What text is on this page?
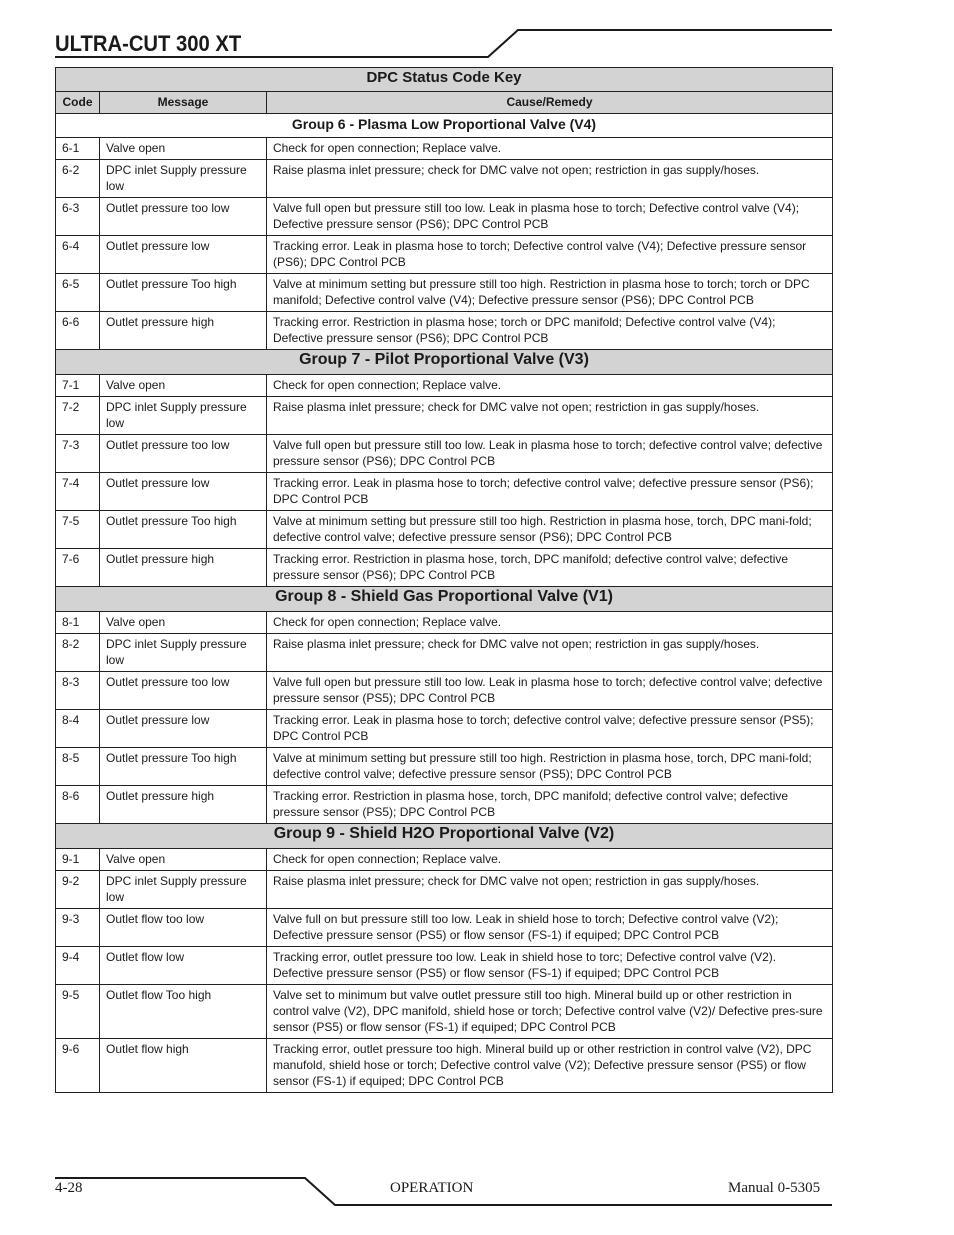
ULTRA-CUT 300 XT
DPC Status Code Key		
Code	Message	Cause/Remedy
Group 6 - Plasma Low Proportional Valve (V4)		
6-1	Valve open	Check for open connection; Replace valve.
6-2	DPC inlet Supply pressure low	Raise plasma inlet pressure; check for DMC valve not open; restriction in gas supply/hoses.
6-3	Outlet pressure too low	Valve full open but pressure still too low. Leak in plasma hose to torch; Defective control valve (V4); Defective pressure sensor (PS6); DPC Control PCB
6-4	Outlet pressure low	Tracking error. Leak in plasma hose to torch; Defective control valve (V4); Defective pressure sensor (PS6); DPC Control PCB
6-5	Outlet pressure Too high	Valve at minimum setting but pressure still too high. Restriction in plasma hose to torch; torch or DPC manifold; Defective control valve (V4); Defective pressure sensor (PS6); DPC Control PCB
6-6	Outlet pressure high	Tracking error. Restriction in plasma hose; torch or DPC manifold; Defective control valve (V4); Defective pressure sensor (PS6); DPC Control PCB
Group 7 - Pilot Proportional Valve (V3)		
7-1	Valve open	Check for open connection; Replace valve.
7-2	DPC inlet Supply pressure low	Raise plasma inlet pressure; check for DMC valve not open; restriction in gas supply/hoses.
7-3	Outlet pressure too low	Valve full open but pressure still too low. Leak in plasma hose to torch; defective control valve; defective pressure sensor (PS6); DPC Control PCB
7-4	Outlet pressure low	Tracking error. Leak in plasma hose to torch; defective control valve; defective pressure sensor (PS6); DPC Control PCB
7-5	Outlet pressure Too high	Valve at minimum setting but pressure still too high. Restriction in plasma hose, torch, DPC mani-fold; defective control valve; defective pressure sensor (PS6); DPC Control PCB
7-6	Outlet pressure high	Tracking error. Restriction in plasma hose, torch, DPC manifold; defective control valve; defective pressure sensor (PS6); DPC Control PCB
Group 8 - Shield Gas Proportional Valve (V1)		
8-1	Valve open	Check for open connection; Replace valve.
8-2	DPC inlet Supply pressure low	Raise plasma inlet pressure; check for DMC valve not open; restriction in gas supply/hoses.
8-3	Outlet pressure too low	Valve full open but pressure still too low. Leak in plasma hose to torch; defective control valve; defective pressure sensor (PS5); DPC Control PCB
8-4	Outlet pressure low	Tracking error. Leak in plasma hose to torch; defective control valve; defective pressure sensor (PS5); DPC Control PCB
8-5	Outlet pressure Too high	Valve at minimum setting but pressure still too high. Restriction in plasma hose, torch, DPC mani-fold; defective control valve; defective pressure sensor (PS5); DPC Control PCB
8-6	Outlet pressure high	Tracking error. Restriction in plasma hose, torch, DPC manifold; defective control valve; defective pressure sensor (PS5); DPC Control PCB
Group 9 - Shield H2O Proportional Valve (V2)		
9-1	Valve open	Check for open connection; Replace valve.
9-2	DPC inlet Supply pressure low	Raise plasma inlet pressure; check for DMC valve not open; restriction in gas supply/hoses.
9-3	Outlet flow too low	Valve full on but pressure still too low. Leak in shield hose to torch; Defective control valve (V2); Defective pressure sensor (PS5) or flow sensor (FS-1) if equiped; DPC Control PCB
9-4	Outlet flow low	Tracking error, outlet pressure too low. Leak in shield hose to torc; Defective control valve (V2). Defective pressure sensor (PS5) or flow sensor (FS-1) if equiped; DPC Control PCB
9-5	Outlet flow Too high	Valve set to minimum but valve outlet pressure still too high. Mineral build up or other restriction in control valve (V2), DPC manifold, shield hose or torch; Defective control valve (V2)/ Defective pres-sure sensor (PS5) or flow sensor (FS-1) if equiped; DPC Control PCB
9-6	Outlet flow high	Tracking error, outlet pressure too high. Mineral build up or other restriction in control valve (V2), DPC manufold, shield hose or torch; Defective control valve (V2); Defective pressure sensor (PS5) or flow sensor (FS-1) if equiped; DPC Control PCB
4-28	OPERATION	Manual 0-5305
